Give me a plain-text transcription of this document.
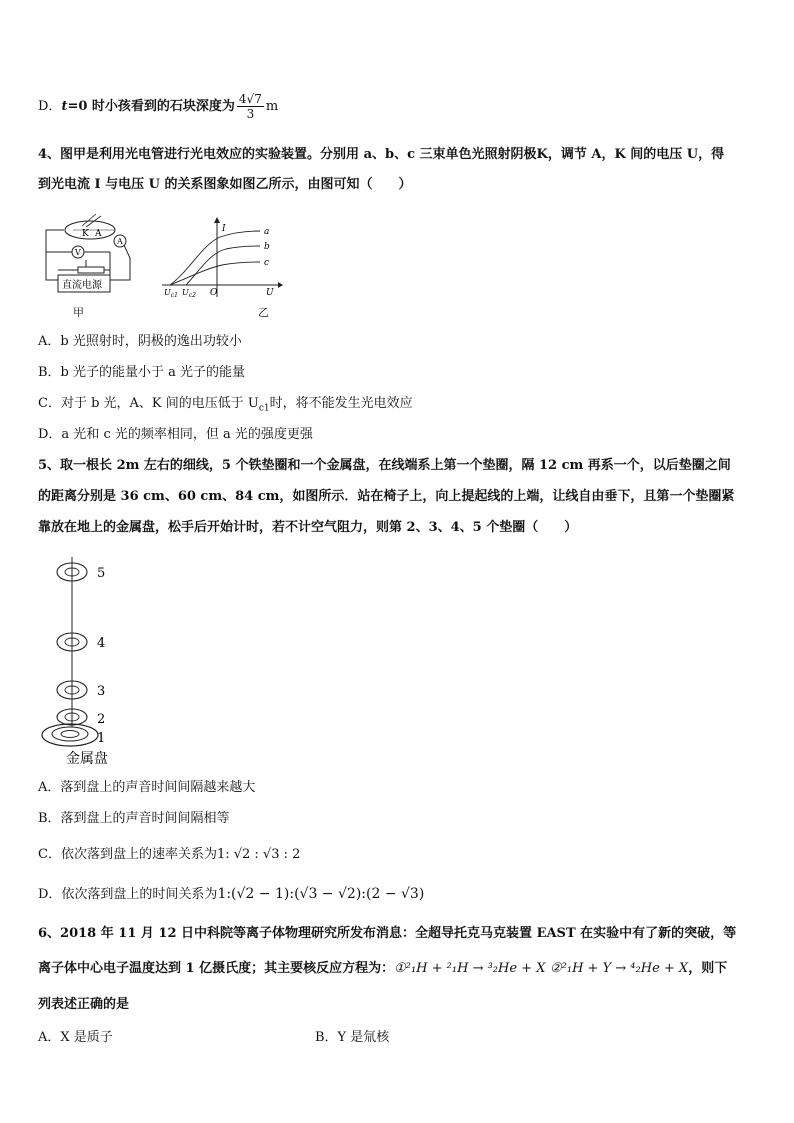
D．t=0 时小孩看到的石块深度为 $\frac{4√7}{3}$ m
4、图甲是利用光电管进行光电效应的实验装置。分别用 a、b、c 三束单色光照射阴极K，调节 A，K 间的电压 U，得
到光电流 I 与电压 U 的关系图象如图乙所示，由图可知（　　）
K A
A
V
直流电源
甲
I	a
b
c
O	U
$U_{c1}$ $U_{c2}$
乙
A．b 光照射时，阴极的逸出功较小
B．b 光子的能量小于 a 光子的能量
C．对于 b 光，A、K 间的电压低于 $U_{c1}$时，将不能发生光电效应
D．a 光和 c 光的频率相同，但 a 光的强度更强
5、取一根长 2m 左右的细线，5 个铁垫圈和一个金属盘，在线端系上第一个垫圈，隔 12 cm 再系一个，以后垫圈之间
的距离分别是 36 cm、60 cm、84 cm，如图所示．站在椅子上，向上提起线的上端，让线自由垂下，且第一个垫圈紧
靠放在地上的金属盘，松手后开始计时，若不计空气阻力，则第 2、3、4、5 个垫圈（　　）
5
4
3
2
1
金属盘
A．落到盘上的声音时间间隔越来越大
B．落到盘上的声音时间间隔相等
C．依次落到盘上的速率关系为1: √2 : √3 : 2
D．依次落到盘上的时间关系为1:(√2 − 1):(√3 − √2):(2 − √3)
6、2018 年 11 月 12 日中科院等离子体物理研究所发布消息：全超导托克马克装置 EAST 在实验中有了新的突破，等
离子体中心电子温度达到 1 亿摄氏度；其主要核反应方程为：①²₁H + ²₁H → ³₂He + X ②²₁H + Y → ⁴₂He + X，则下
列表述正确的是
A．X 是质子	B．Y 是氚核
